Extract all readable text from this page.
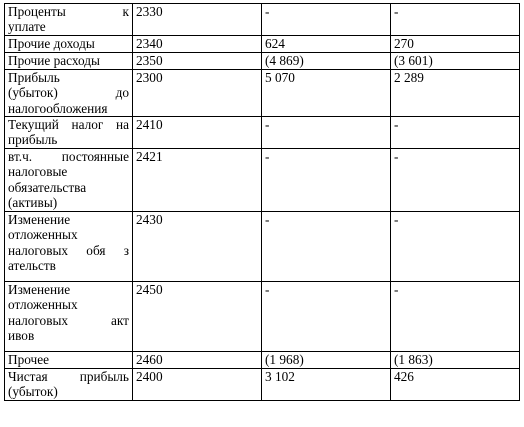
Проценты к
уплате	2330	-	-

Прочие доходы	2340	624	270

Прочие расходы	2350	(4 869)	(3 601)

Прибыль
(убыток) до
налогообложения	2300	5 070	2 289

Текущий налог на
прибыль	2410	-	-

вт.ч. постоянные
налоговые
обязательства
(активы)	2421	-	-

Изменение
отложенных
налоговых обя з
ательств	2430	-	-

Изменение
отложенных
налоговых акт
ивов	2450	-	-

Прочее	2460	(1 968)	(1 863)

Чистая прибыль
(убыток)	2400	3 102	426
